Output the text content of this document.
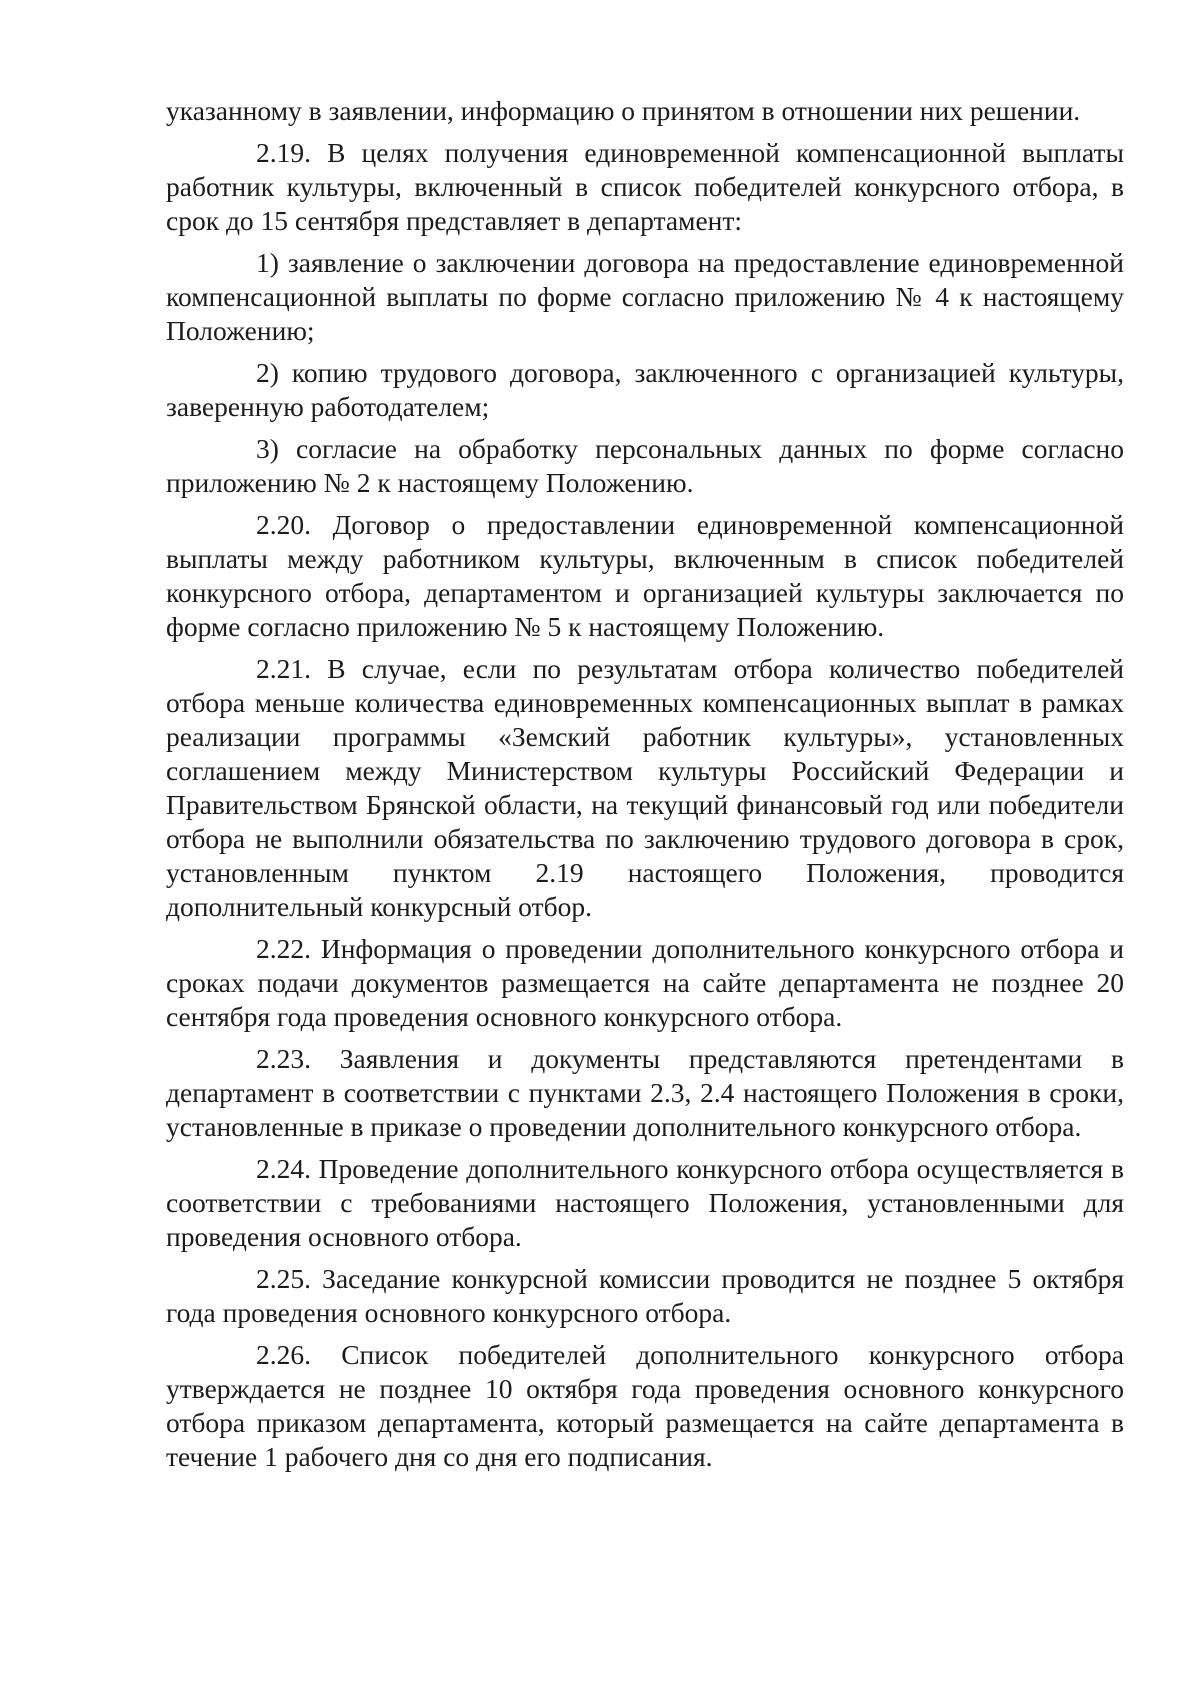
указанному в заявлении, информацию о принятом в отношении них решении.

2.19. В целях получения единовременной компенсационной выплаты работник культуры, включенный в список победителей конкурсного отбора, в срок до 15 сентября представляет в департамент:

1) заявление о заключении договора на предоставление единовременной компенсационной выплаты по форме согласно приложению № 4 к настоящему Положению;

2) копию трудового договора, заключенного с организацией культуры, заверенную работодателем;

3) согласие на обработку персональных данных по форме согласно приложению № 2 к настоящему Положению.

2.20. Договор о предоставлении единовременной компенсационной выплаты между работником культуры, включенным в список победителей конкурсного отбора, департаментом и организацией культуры заключается по форме согласно приложению № 5 к настоящему Положению.

2.21. В случае, если по результатам отбора количество победителей отбора меньше количества единовременных компенсационных выплат в рамках реализации программы «Земский работник культуры», установленных соглашением между Министерством культуры Российский Федерации и Правительством Брянской области, на текущий финансовый год или победители отбора не выполнили обязательства по заключению трудового договора в срок, установленным пунктом 2.19 настоящего Положения, проводится дополнительный конкурсный отбор.

2.22. Информация о проведении дополнительного конкурсного отбора и сроках подачи документов размещается на сайте департамента не позднее 20 сентября года проведения основного конкурсного отбора.

2.23. Заявления и документы представляются претендентами в департамент в соответствии с пунктами 2.3, 2.4 настоящего Положения в сроки, установленные в приказе о проведении дополнительного конкурсного отбора.

2.24. Проведение дополнительного конкурсного отбора осуществляется в соответствии с требованиями настоящего Положения, установленными для проведения основного отбора.

2.25. Заседание конкурсной комиссии проводится не позднее 5 октября года проведения основного конкурсного отбора.

2.26. Список победителей дополнительного конкурсного отбора утверждается не позднее 10 октября года проведения основного конкурсного отбора приказом департамента, который размещается на сайте департамента в течение 1 рабочего дня со дня его подписания.
